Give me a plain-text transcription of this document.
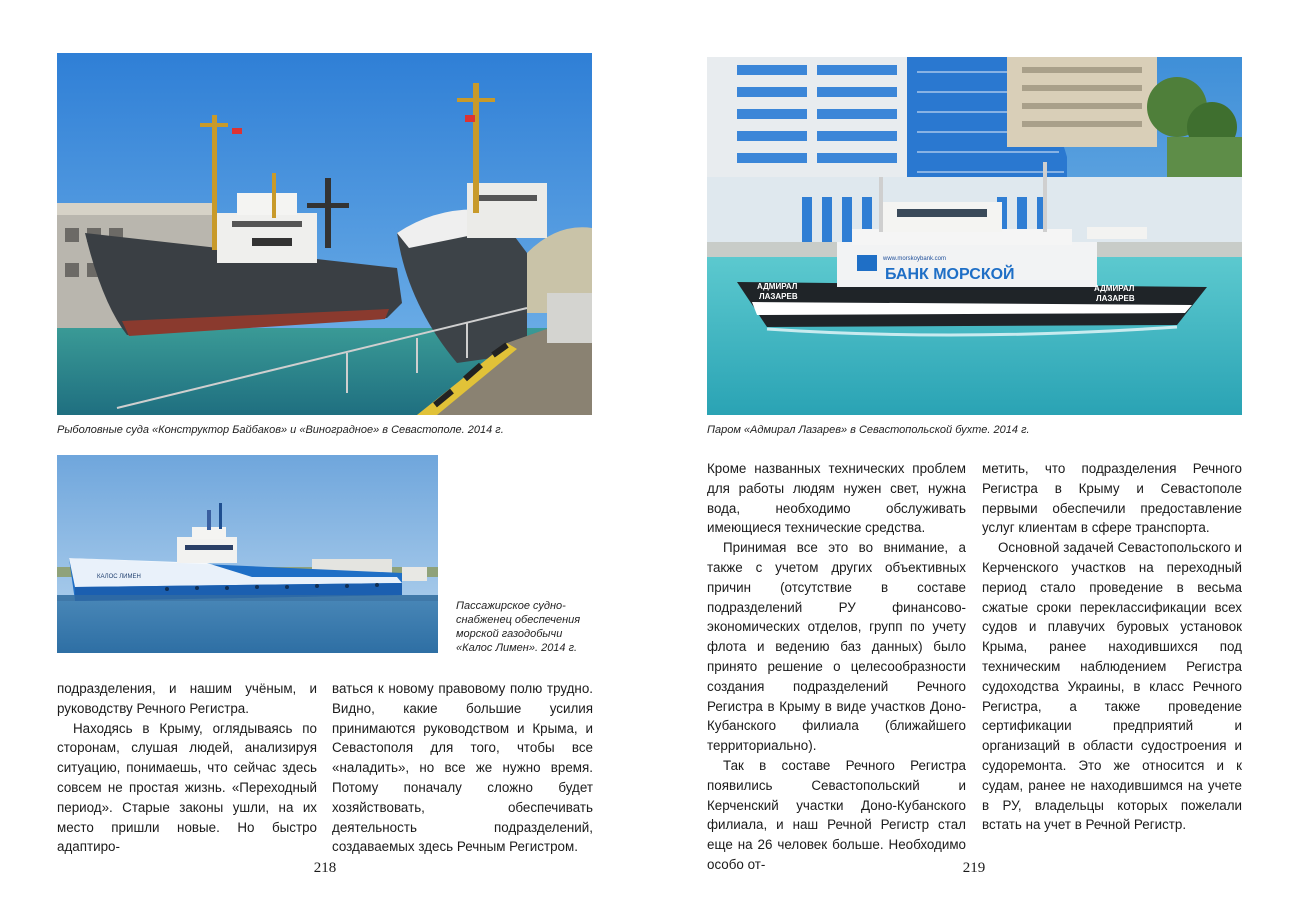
Рыболовные суда «Конструктор Байбаков» и «Виноградное» в Севастополе. 2014 г.
КАЛОС ЛИМЕН
Пассажирское судно-
снабженец обеспечения
морской газодобычи
«Калос Лимен». 2014 г.

подразделения, и нашим учёным, и руководству Речного Регистра.

Находясь в Крыму, оглядываясь по сторонам, слушая людей, анализируя ситуацию, понимаешь, что сейчас здесь совсем не простая жизнь. «Переходный период». Старые законы ушли, на их место пришли новые. Но быстро адаптиро-

ваться к новому правовому полю трудно. Видно, какие большие усилия принимаются руководством и Крыма, и Севастополя для того, чтобы все «наладить», но все же нужно время. Потому поначалу сложно будет хозяйствовать, обеспечивать деятельность подразделений, создаваемых здесь Речным Регистром.

218
www.morskoybank.com
БАНК МОРСКОЙ
АДМИРАЛ
ЛАЗАРЕВ
АДМИРАЛ
ЛАЗАРЕВ
Паром «Адмирал Лазарев» в Севастопольской бухте. 2014 г.

Кроме названных технических проблем для работы людям нужен свет, нужна вода, необходимо обслуживать имеющиеся технические средства.

Принимая все это во внимание, а также с учетом других объективных причин (отсутствие в составе подразделений РУ финансово-экономических отделов, групп по учету флота и ведению баз данных) было принято решение о целесообразности создания подразделений Речного Регистра в Крыму в виде участков Доно-Кубанского филиала (ближайшего территориально).

Так в составе Речного Регистра появились Севастопольский и Керченский участки Доно-Кубанского филиала, и наш Речной Регистр стал еще на 26 человек больше. Необходимо особо от-

метить, что подразделения Речного Регистра в Крыму и Севастополе первыми обеспечили предоставление услуг клиентам в сфере транспорта.

Основной задачей Севастопольского и Керченского участков на переходный период стало проведение в весьма сжатые сроки переклассификации всех судов и плавучих буровых установок Крыма, ранее находившихся под техническим наблюдением Регистра судоходства Украины, в класс Речного Регистра, а также проведение сертификации предприятий и организаций в области судостроения и судоремонта. Это же относится и к судам, ранее не находившимся на учете в РУ, владельцы которых пожелали встать на учет в Речной Регистр.

219
